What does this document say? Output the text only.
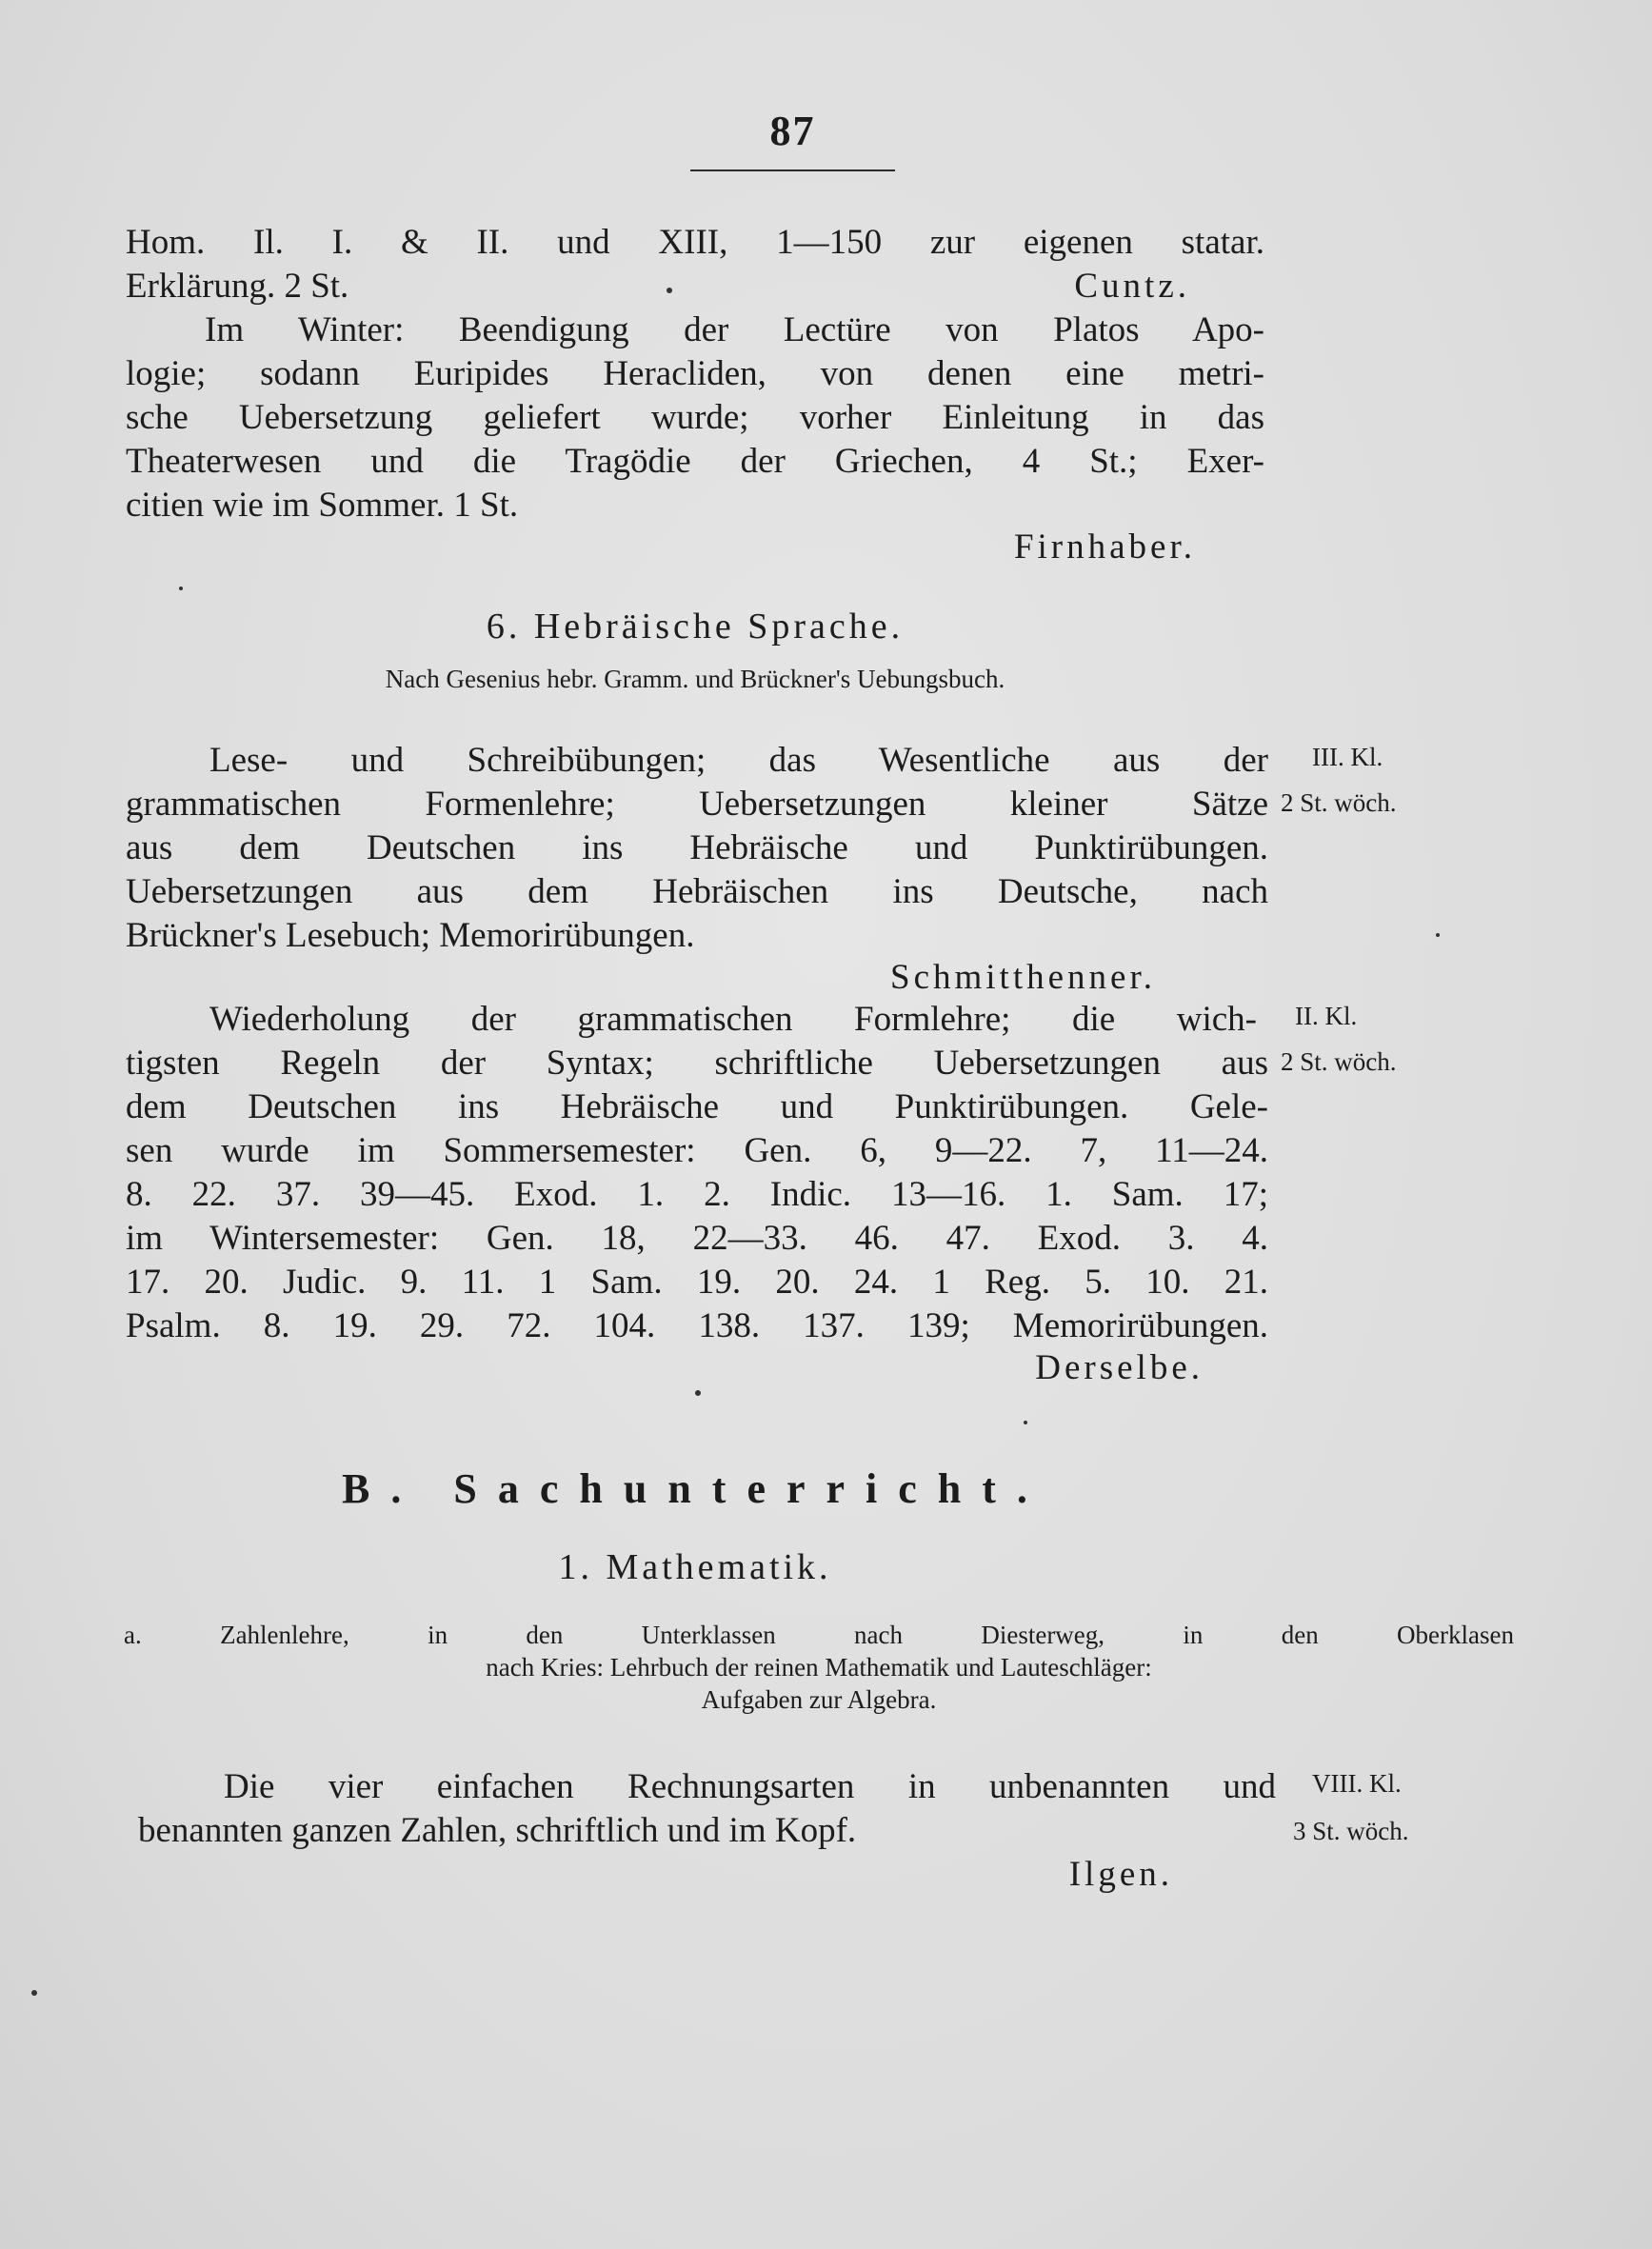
87
Hom. Il. I. & II. und XIII, 1—150 zur eigenen statar.
Erklärung. 2 St.	Cuntz.
Im Winter: Beendigung der Lectüre von Platos Apo-
logie; sodann Euripides Heracliden, von denen eine metri-
sche Uebersetzung geliefert wurde; vorher Einleitung in das
Theaterwesen und die Tragödie der Griechen, 4 St.; Exer-
citien wie im Sommer. 1 St.
Firnhaber.
6. Hebräische Sprache.
Nach Gesenius hebr. Gramm. und Brückner's Uebungsbuch.
Lese- und Schreibübungen; das Wesentliche aus der
grammatischen Formenlehre; Uebersetzungen kleiner Sätze
aus dem Deutschen ins Hebräische und Punktirübungen.
Uebersetzungen aus dem Hebräischen ins Deutsche, nach
Brückner's Lesebuch; Memorirübungen.
Schmitthenner.
III. Kl.
2 St. wöch.
Wiederholung der grammatischen Formlehre; die wich-
tigsten Regeln der Syntax; schriftliche Uebersetzungen aus
dem Deutschen ins Hebräische und Punktirübungen. Gele-
sen wurde im Sommersemester: Gen. 6, 9—22. 7, 11—24.
8. 22. 37. 39—45. Exod. 1. 2. Indic. 13—16. 1. Sam. 17;
im Wintersemester: Gen. 18, 22—33. 46. 47. Exod. 3. 4.
17. 20. Judic. 9. 11. 1 Sam. 19. 20. 24. 1 Reg. 5. 10. 21.
Psalm. 8. 19. 29. 72. 104. 138. 137. 139; Memorirübungen.
Derselbe.
II. Kl.
2 St. wöch.
B. Sachunterricht.
1. Mathematik.
a. Zahlenlehre, in den Unterklassen nach Diesterweg, in den Oberklasen
nach Kries: Lehrbuch der reinen Mathematik und Lauteschläger:
Aufgaben zur Algebra.
Die vier einfachen Rechnungsarten in unbenannten und
benannten ganzen Zahlen, schriftlich und im Kopf.
Ilgen.
VIII. Kl.
3 St. wöch.
